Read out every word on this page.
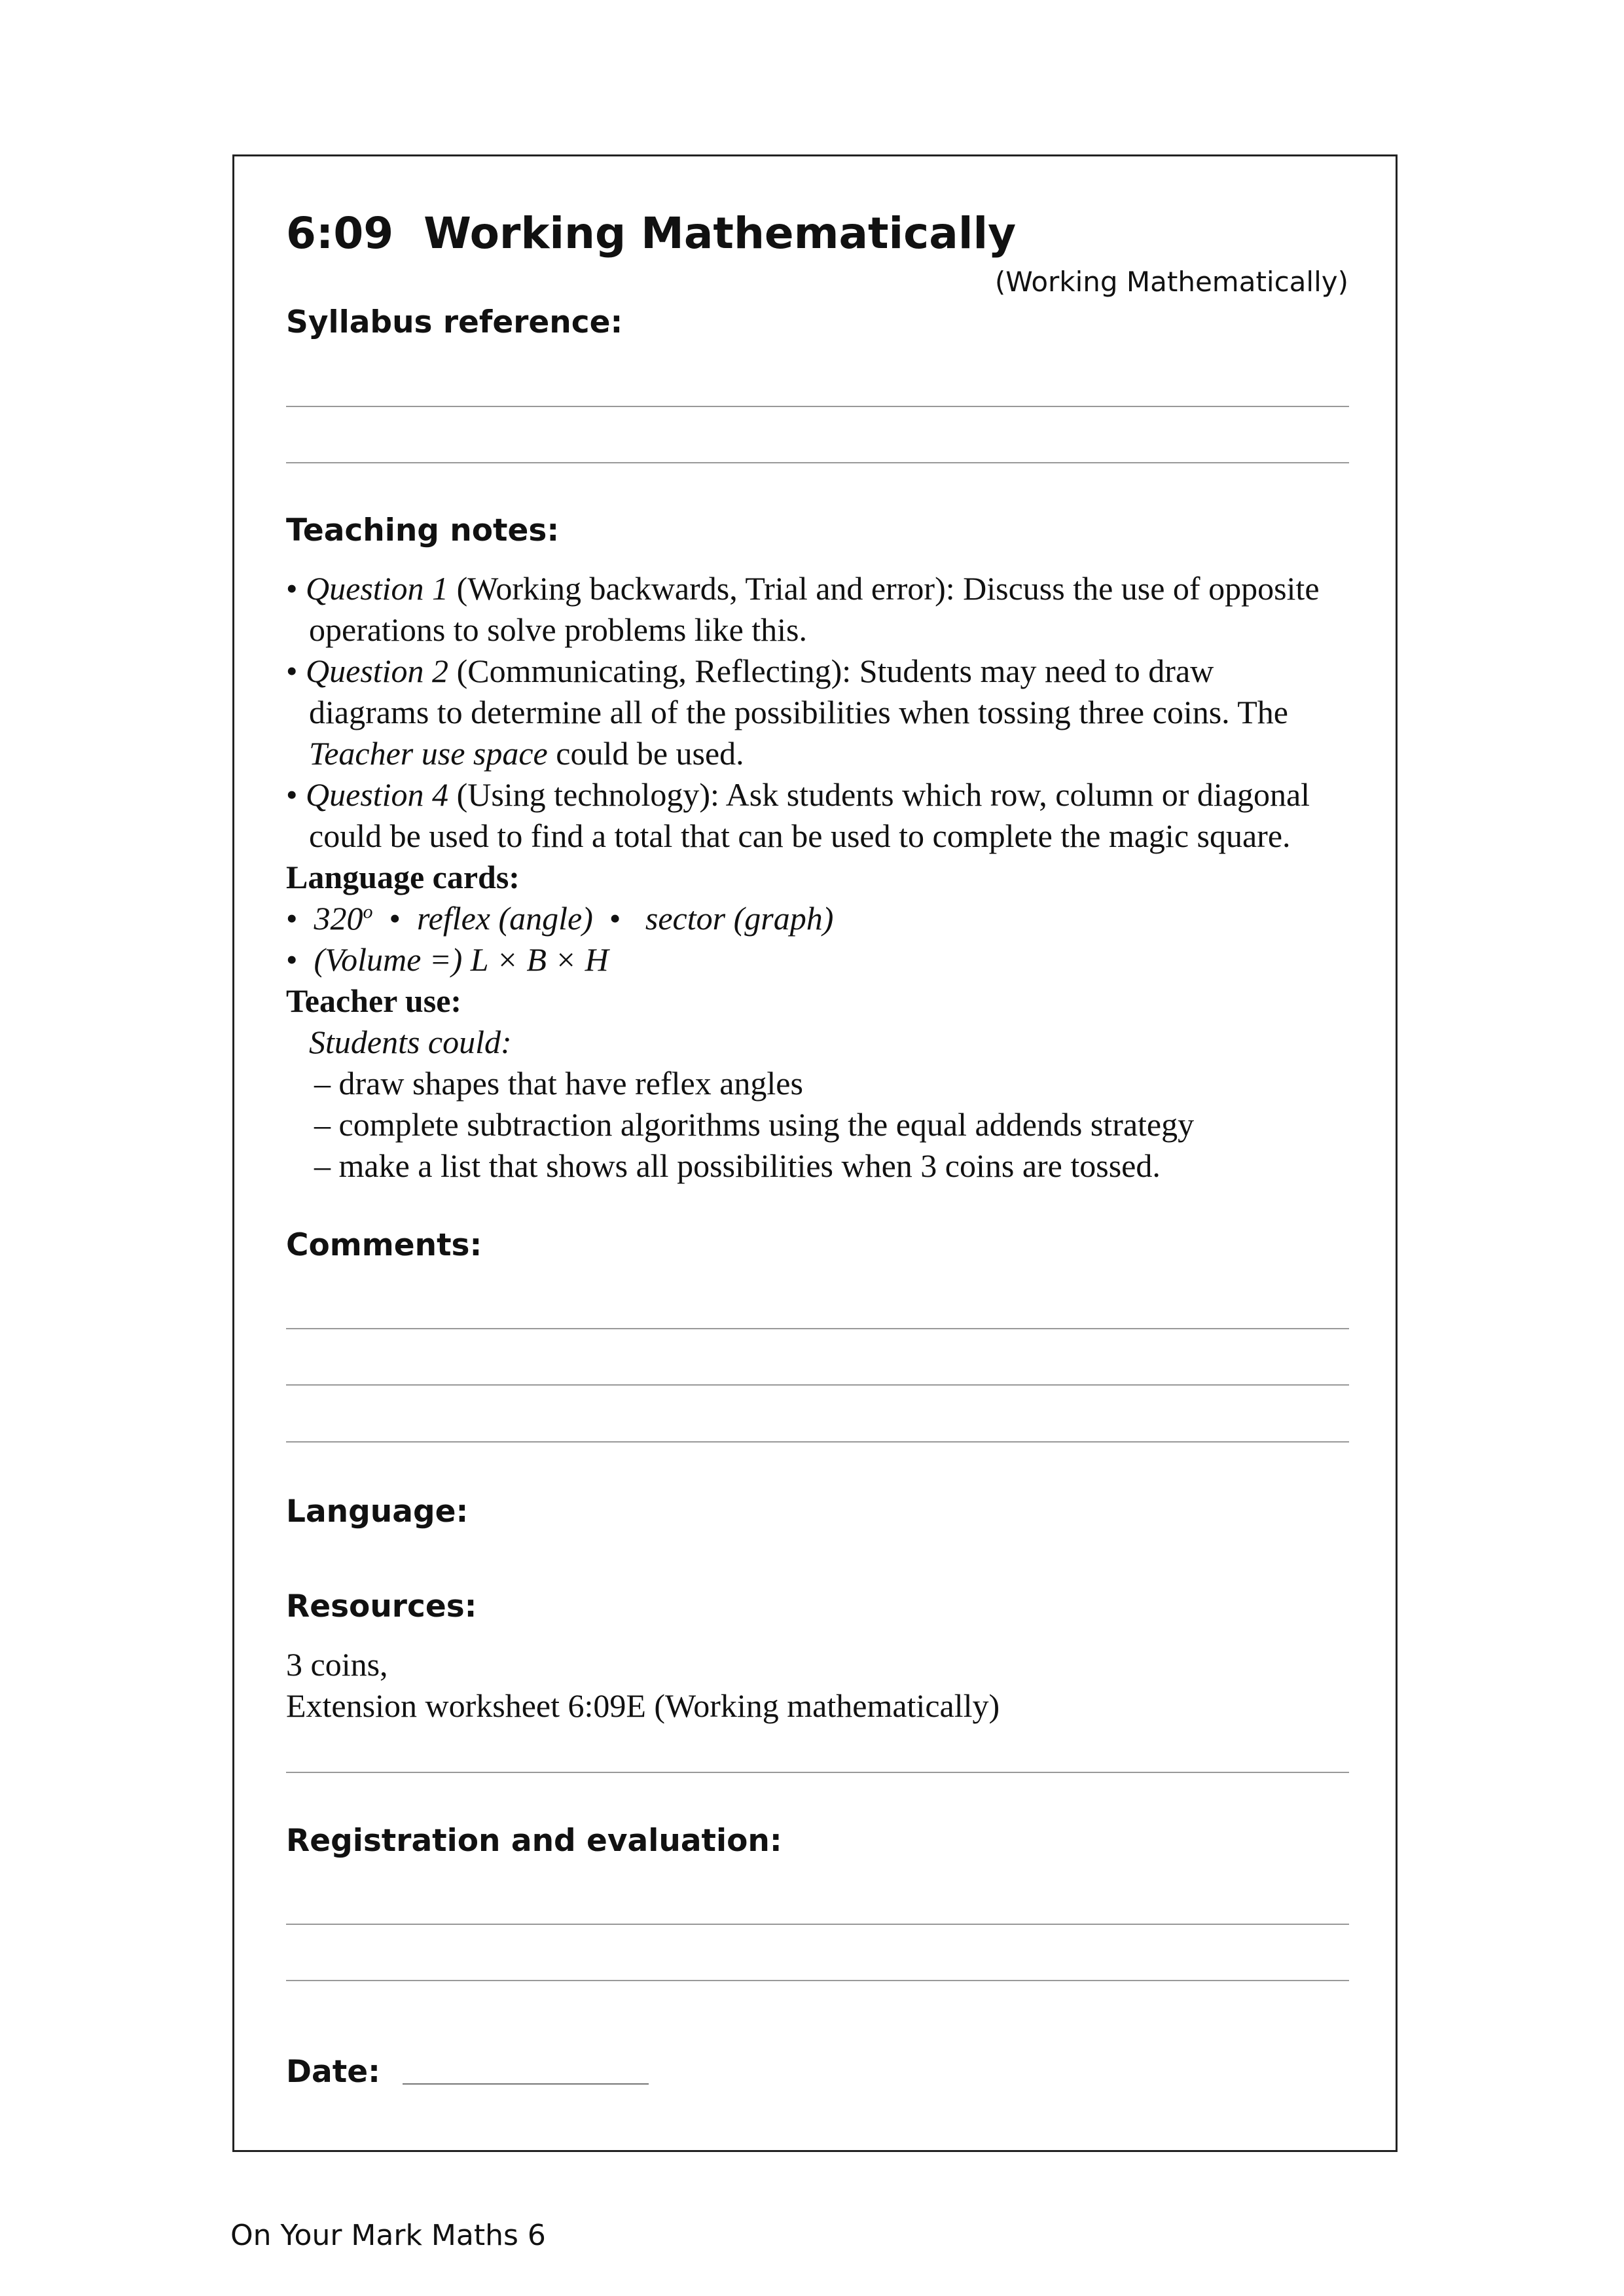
6:09  Working Mathematically
(Working Mathematically)
Syllabus reference:
Teaching notes:
• Question 1 (Working backwards, Trial and error): Discuss the use of opposite
operations to solve problems like this.
• Question 2 (Communicating, Reflecting): Students may need to draw
diagrams to determine all of the possibilities when tossing three coins. The
Teacher use space could be used.
• Question 4 (Using technology): Ask students which row, column or diagonal
could be used to find a total that can be used to complete the magic square.
Language cards:
•  320$^o$  •  reflex (angle)  •   sector (graph)
•  (Volume =) L × B × H
Teacher use:
Students could:
– draw shapes that have reflex angles
– complete subtraction algorithms using the equal addends strategy
– make a list that shows all possibilities when 3 coins are tossed.
Comments:
Language:
Resources:
3 coins,
Extension worksheet 6:09E (Working mathematically)
Registration and evaluation:
Date:
On Your Mark Maths 6
